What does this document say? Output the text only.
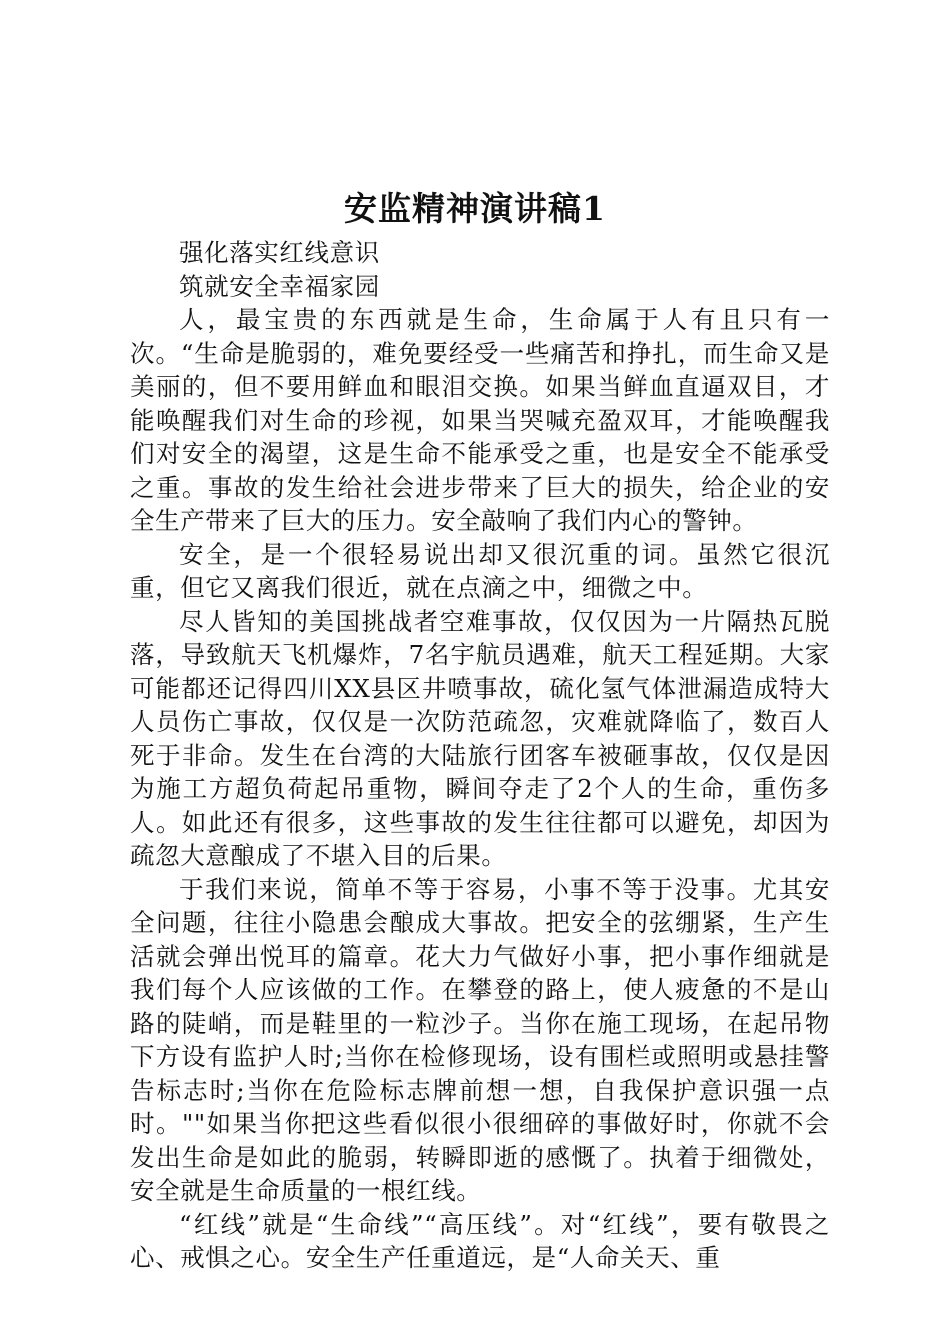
安监精神演讲稿1

强化落实红线意识

筑就安全幸福家园

人，最宝贵的东西就是生命，生命属于人有且只有一次。“生命是脆弱的，难免要经受一些痛苦和挣扎，而生命又是美丽的，但不要用鲜血和眼泪交换。如果当鲜血直逼双目，才能唤醒我们对生命的珍视，如果当哭喊充盈双耳，才能唤醒我们对安全的渴望，这是生命不能承受之重，也是安全不能承受之重。事故的发生给社会进步带来了巨大的损失，给企业的安全生产带来了巨大的压力。安全敲响了我们内心的警钟。

安全，是一个很轻易说出却又很沉重的词。虽然它很沉重，但它又离我们很近，就在点滴之中，细微之中。

尽人皆知的美国挑战者空难事故，仅仅因为一片隔热瓦脱落，导致航天飞机爆炸，7名宇航员遇难，航天工程延期。大家可能都还记得四川XX县区井喷事故，硫化氢气体泄漏造成特大人员伤亡事故，仅仅是一次防范疏忽，灾难就降临了，数百人死于非命。发生在台湾的大陆旅行团客车被砸事故，仅仅是因为施工方超负荷起吊重物，瞬间夺走了2个人的生命，重伤多人。如此还有很多，这些事故的发生往往都可以避免，却因为疏忽大意酿成了不堪入目的后果。

于我们来说，简单不等于容易，小事不等于没事。尤其安全问题，往往小隐患会酿成大事故。把安全的弦绷紧，生产生活就会弹出悦耳的篇章。花大力气做好小事，把小事作细就是我们每个人应该做的工作。在攀登的路上，使人疲惫的不是山路的陡峭，而是鞋里的一粒沙子。当你在施工现场，在起吊物下方设有监护人时;当你在检修现场，设有围栏或照明或悬挂警告标志时;当你在危险标志牌前想一想，自我保护意识强一点时。""如果当你把这些看似很小很细碎的事做好时，你就不会发出生命是如此的脆弱，转瞬即逝的感慨了。执着于细微处，安全就是生命质量的一根红线。

“红线”就是“生命线”“高压线”。对“红线”，要有敬畏之心、戒惧之心。安全生产任重道远，是“人命关天、重
